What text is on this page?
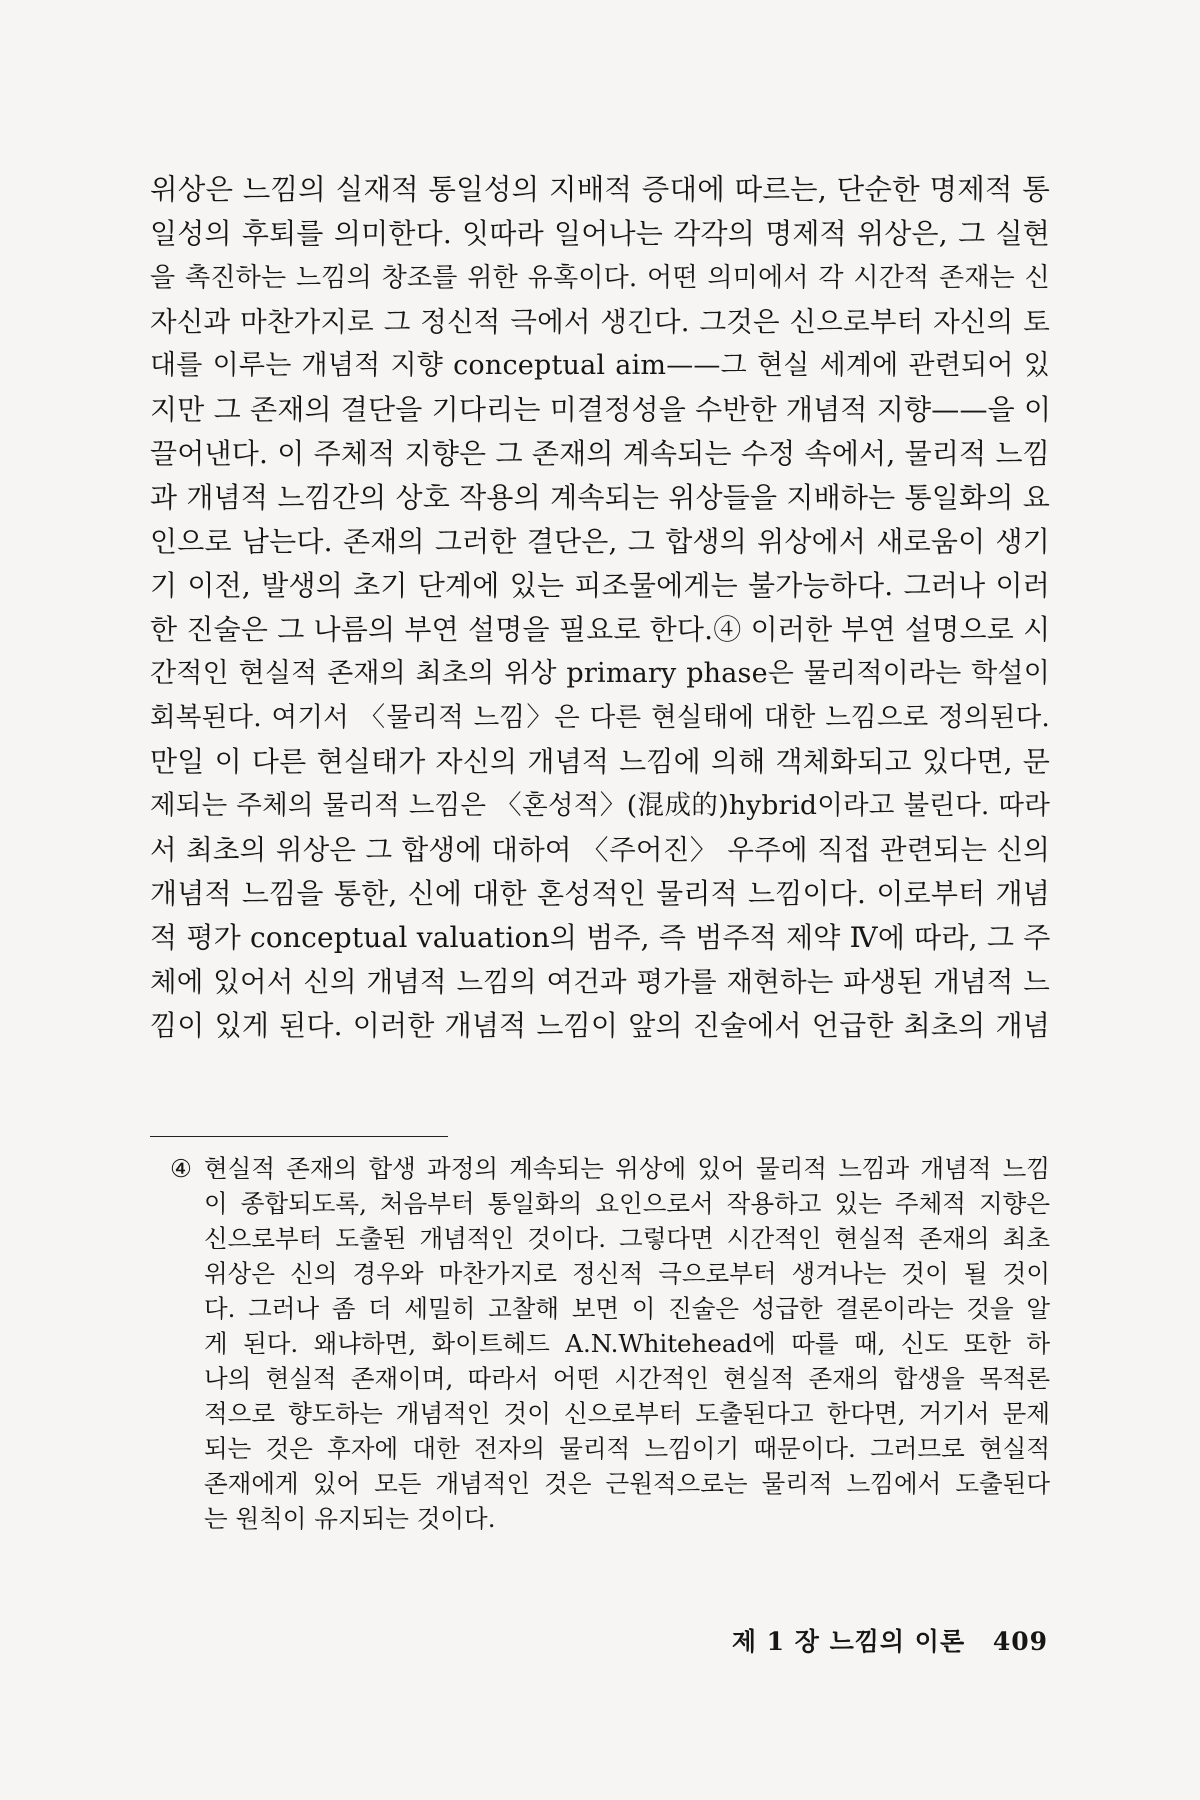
위상은 느낌의 실재적 통일성의 지배적 증대에 따르는, 단순한 명제적 통
일성의 후퇴를 의미한다. 잇따라 일어나는 각각의 명제적 위상은, 그 실현
을 촉진하는 느낌의 창조를 위한 유혹이다. 어떤 의미에서 각 시간적 존재는 신
자신과 마찬가지로 그 정신적 극에서 생긴다. 그것은 신으로부터 자신의 토
대를 이루는 개념적 지향 conceptual aim——그 현실 세계에 관련되어 있
지만 그 존재의 결단을 기다리는 미결정성을 수반한 개념적 지향——을 이
끌어낸다. 이 주체적 지향은 그 존재의 계속되는 수정 속에서, 물리적 느낌
과 개념적 느낌간의 상호 작용의 계속되는 위상들을 지배하는 통일화의 요
인으로 남는다. 존재의 그러한 결단은, 그 합생의 위상에서 새로움이 생기
기 이전, 발생의 초기 단계에 있는 피조물에게는 불가능하다. 그러나 이러
한 진술은 그 나름의 부연 설명을 필요로 한다.④ 이러한 부연 설명으로 시
간적인 현실적 존재의 최초의 위상 primary phase은 물리적이라는 학설이
회복된다. 여기서 〈물리적 느낌〉은 다른 현실태에 대한 느낌으로 정의된다.
만일 이 다른 현실태가 자신의 개념적 느낌에 의해 객체화되고 있다면, 문
제되는 주체의 물리적 느낌은 〈혼성적〉(混成的)hybrid이라고 불린다. 따라
서 최초의 위상은 그 합생에 대하여 〈주어진〉 우주에 직접 관련되는 신의
개념적 느낌을 통한, 신에 대한 혼성적인 물리적 느낌이다. 이로부터 개념
적 평가 conceptual valuation의 범주, 즉 범주적 제약 Ⅳ에 따라, 그 주
체에 있어서 신의 개념적 느낌의 여건과 평가를 재현하는 파생된 개념적 느
낌이 있게 된다. 이러한 개념적 느낌이 앞의 진술에서 언급한 최초의 개념
④ 현실적 존재의 합생 과정의 계속되는 위상에 있어 물리적 느낌과 개념적 느낌
이 종합되도록, 처음부터 통일화의 요인으로서 작용하고 있는 주체적 지향은
신으로부터 도출된 개념적인 것이다. 그렇다면 시간적인 현실적 존재의 최초
위상은 신의 경우와 마찬가지로 정신적 극으로부터 생겨나는 것이 될 것이
다. 그러나 좀 더 세밀히 고찰해 보면 이 진술은 성급한 결론이라는 것을 알
게 된다. 왜냐하면, 화이트헤드 A.N.Whitehead에 따를 때, 신도 또한 하
나의 현실적 존재이며, 따라서 어떤 시간적인 현실적 존재의 합생을 목적론
적으로 향도하는 개념적인 것이 신으로부터 도출된다고 한다면, 거기서 문제
되는 것은 후자에 대한 전자의 물리적 느낌이기 때문이다. 그러므로 현실적
존재에게 있어 모든 개념적인 것은 근원적으로는 물리적 느낌에서 도출된다
는 원칙이 유지되는 것이다.
제 1 장 느낌의 이론 409
